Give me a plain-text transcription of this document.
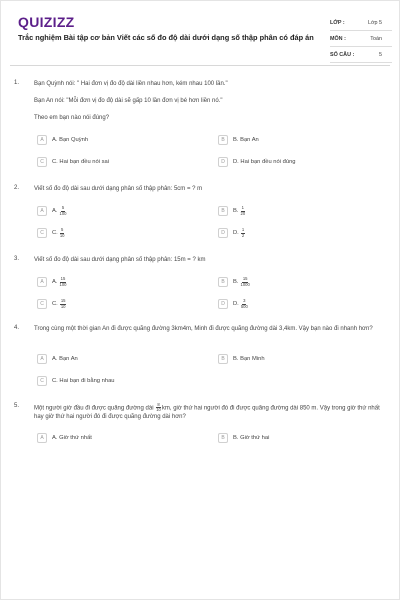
QUIZIZZ
Trắc nghiệm Bài tập cơ bản Viết các số đo độ dài dưới dạng số thập phân có đáp án
LỚP :	Lớp 5
MÔN :	Toán
SỐ CÂU :	5
1. Bạn Quỳnh nói: " Hai đơn vị đo độ dài liền nhau hơn, kém nhau 100 lần."

Bạn An nói: "Mỗi đơn vị đo độ dài sẽ gấp 10 lần đơn vị bé hơn liền nó."

Theo em bạn nào nói đúng?

A	A. Bạn Quỳnh	B	B. Bạn An
C	C. Hai bạn đều nói sai	D	D. Hai bạn đều nói đúng
2. Viết số đo độ dài sau dưới dạng phân số thập phân: 5cm = ? m

A	A. $\frac{5}{100}$	B	B. $\frac{1}{20}$
C	C. $\frac{5}{10}$	D	D. $\frac{1}{2}$
3. Viết số đo độ dài sau dưới dạng phân số thập phân: 15m = ? km

A	A. $\frac{15}{100}$	B	B. $\frac{15}{1000}$
C	C. $\frac{15}{10}$	D	D. $\frac{3}{500}$
4. Trong cùng một thời gian An đi được quãng đường 3km4m, Minh đi được quãng đường dài 3,4km. Vậy bạn nào đi nhanh hơn?

A	A. Bạn An	B	B. Bạn Minh
C	C. Hai bạn đi bằng nhau
5. Một người giờ đầu đi được quãng đường dài $\frac{8}{10}$ km, giờ thứ hai người đó đi được quãng đường dài 850 m. Vậy trong giờ thứ nhất hay giờ thứ hai người đó đi được quãng đường dài hơn?

A	A. Giờ thứ nhất	B	B. Giờ thứ hai
